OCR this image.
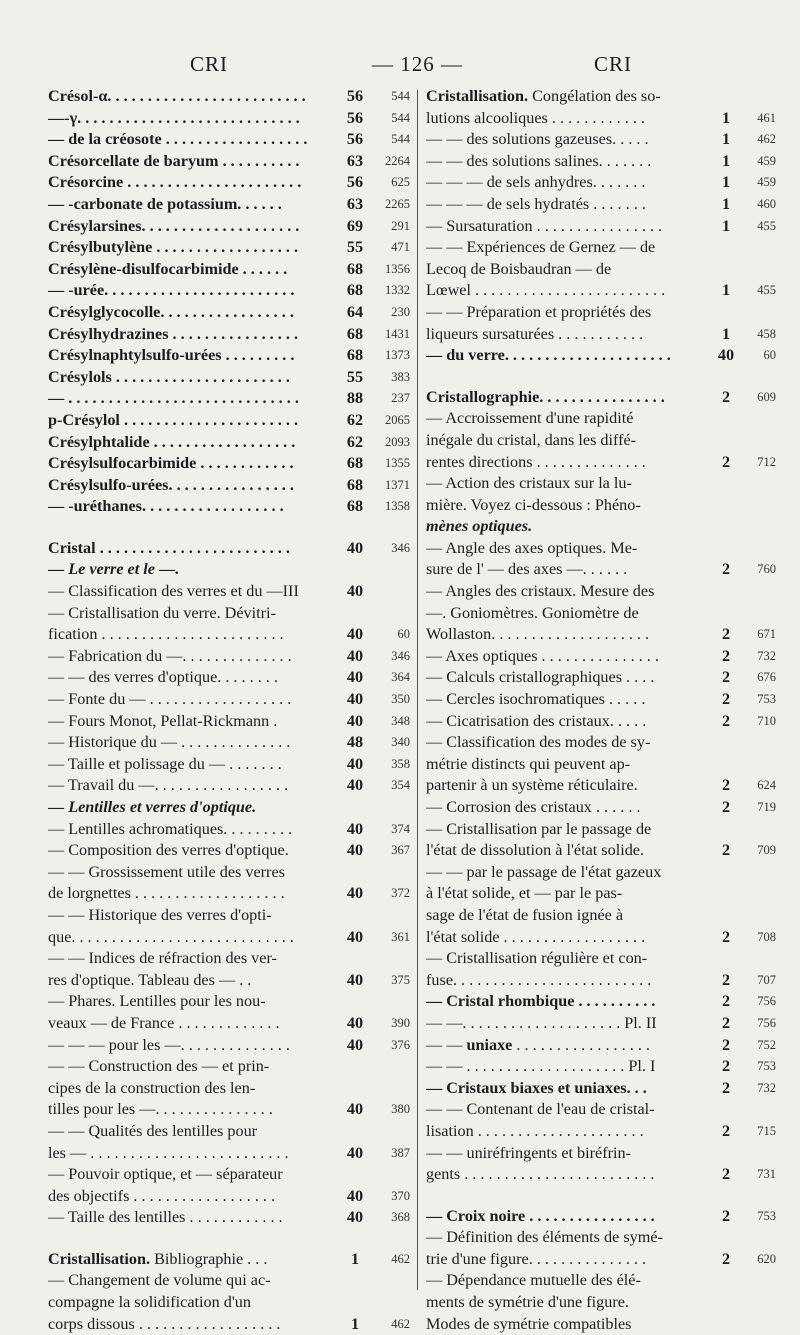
CRI	— 126 —	CRI
Crésol-α. . . . . . . . . . . . . . . . . . . . . . . . .	56	544
—-γ. . . . . . . . . . . . . . . . . . . . . . . . . . . .	56	544
— de la créosote . . . . . . . . . . . . . . . . . .	56	544
Crésorcellate de baryum . . . . . . . . . .	63	2264
Crésorcine . . . . . . . . . . . . . . . . . . . . . .	56	625
— -carbonate de potassium. . . . . .	63	2265
Crésylarsines. . . . . . . . . . . . . . . . . . . .	69	291
Crésylbutylène . . . . . . . . . . . . . . . . . .	55	471
Crésylène-disulfocarbimide . . . . . .	68	1356
— -urée. . . . . . . . . . . . . . . . . . . . . . . .	68	1332
Crésylglycocolle. . . . . . . . . . . . . . . . .	64	230
Crésylhydrazines . . . . . . . . . . . . . . . .	68	1431
Crésylnaphtylsulfo-urées . . . . . . . . .	68	1373
Crésylols . . . . . . . . . . . . . . . . . . . . . .	55	383
— . . . . . . . . . . . . . . . . . . . . . . . . . . . . .	88	237
p-Crésylol . . . . . . . . . . . . . . . . . . . . . .	62	2065
Crésylphtalide . . . . . . . . . . . . . . . . . .	62	2093
Crésylsulfocarbimide . . . . . . . . . . . .	68	1355
Crésylsulfo-urées. . . . . . . . . . . . . . . .	68	1371
— -uréthanes. . . . . . . . . . . . . . . . . .	68	1358
Cristal . . . . . . . . . . . . . . . . . . . . . . . .	40	346
— Le verre et le —.
— Classification des verres et du —III	40
— Cristallisation du verre. Dévitri-
fication . . . . . . . . . . . . . . . . . . . . . . .	40	60
— Fabrication du —. . . . . . . . . . . . . .	40	346
— — des verres d'optique. . . . . . . .	40	364
— Fonte du — . . . . . . . . . . . . . . . . . .	40	350
— Fours Monot, Pellat-Rickmann .	40	348
— Historique du — . . . . . . . . . . . . . .	48	340
— Taille et polissage du — . . . . . . .	40	358
— Travail du —. . . . . . . . . . . . . . . . .	40	354
— Lentilles et verres d'optique.
— Lentilles achromatiques. . . . . . . . .	40	374
— Composition des verres d'optique.	40	367
— — Grossissement utile des verres
de lorgnettes . . . . . . . . . . . . . . . . . . .	40	372
— — Historique des verres d'opti-
que. . . . . . . . . . . . . . . . . . . . . . . . . . . .	40	361
— — Indices de réfraction des ver-
res d'optique. Tableau des — . .	40	375
— Phares. Lentilles pour les nou-
veaux — de France . . . . . . . . . . . . .	40	390
— — — pour les —. . . . . . . . . . . . . .	40	376
— — Construction des — et prin-
cipes de la construction des len-
tilles pour les —. . . . . . . . . . . . . . .	40	380
— — Qualités des lentilles pour
les — . . . . . . . . . . . . . . . . . . . . . . . . .	40	387
— Pouvoir optique, et — séparateur
des objectifs . . . . . . . . . . . . . . . . . .	40	370
— Taille des lentilles . . . . . . . . . . . .	40	368
Cristallisation. Bibliographie . . .	1	462
— Changement de volume qui ac-
compagne la solidification d'un
corps dissous . . . . . . . . . . . . . . . . . .	1	462
Cristallisation. Congélation des so-
lutions alcooliques . . . . . . . . . . . .	1	461
— — des solutions gazeuses. . . . .	1	462
— — des solutions salines. . . . . . .	1	459
— — — de sels anhydres. . . . . . .	1	459
— — — de sels hydratés . . . . . . .	1	460
— Sursaturation . . . . . . . . . . . . . . . .	1	455
— — Expériences de Gernez — de
Lecoq de Boisbaudran — de
Lœwel . . . . . . . . . . . . . . . . . . . . . . . .	1	455
— — Préparation et propriétés des
liqueurs sursaturées . . . . . . . . . . .	1	458
— du verre. . . . . . . . . . . . . . . . . . . . .	40	60
Cristallographie. . . . . . . . . . . . . . . .	2	609
— Accroissement d'une rapidité
inégale du cristal, dans les diffé-
rentes directions . . . . . . . . . . . . . .	2	712
— Action des cristaux sur la lu-
mière. Voyez ci-dessous : Phéno-
mènes optiques.
— Angle des axes optiques. Me-
sure de l' — des axes —. . . . . .	2	760
— Angles des cristaux. Mesure des
—. Goniomètres. Goniomètre de
Wollaston. . . . . . . . . . . . . . . . . . . .	2	671
— Axes optiques . . . . . . . . . . . . . . .	2	732
— Calculs cristallographiques . . . .	2	676
— Cercles isochromatiques . . . . .	2	753
— Cicatrisation des cristaux. . . . .	2	710
— Classification des modes de sy-
métrie distincts qui peuvent ap-
partenir à un système réticulaire.	2	624
— Corrosion des cristaux . . . . . .	2	719
— Cristallisation par le passage de
l'état de dissolution à l'état solide.	2	709
— — par le passage de l'état gazeux
à l'état solide, et — par le pas-
sage de l'état de fusion ignée à
l'état solide . . . . . . . . . . . . . . . . . .	2	708
— Cristallisation régulière et con-
fuse. . . . . . . . . . . . . . . . . . . . . . . . .	2	707
— Cristal rhombique . . . . . . . . . .	2	756
— —. . . . . . . . . . . . . . . . . . . . Pl. II	2	756
— — uniaxe . . . . . . . . . . . . . . . . .	2	752
— — . . . . . . . . . . . . . . . . . . . . Pl. I	2	753
— Cristaux biaxes et uniaxes. . .	2	732
— — Contenant de l'eau de cristal-
lisation . . . . . . . . . . . . . . . . . . . . .	2	715
— — uniréfringents et biréfrin-
gents . . . . . . . . . . . . . . . . . . . . . . . .	2	731
— Croix noire . . . . . . . . . . . . . . . .	2	753
— Définition des éléments de symé-
trie d'une figure. . . . . . . . . . . . . . .	2	620
— Dépendance mutuelle des élé-
ments de symétrie d'une figure.
Modes de symétrie compatibles
